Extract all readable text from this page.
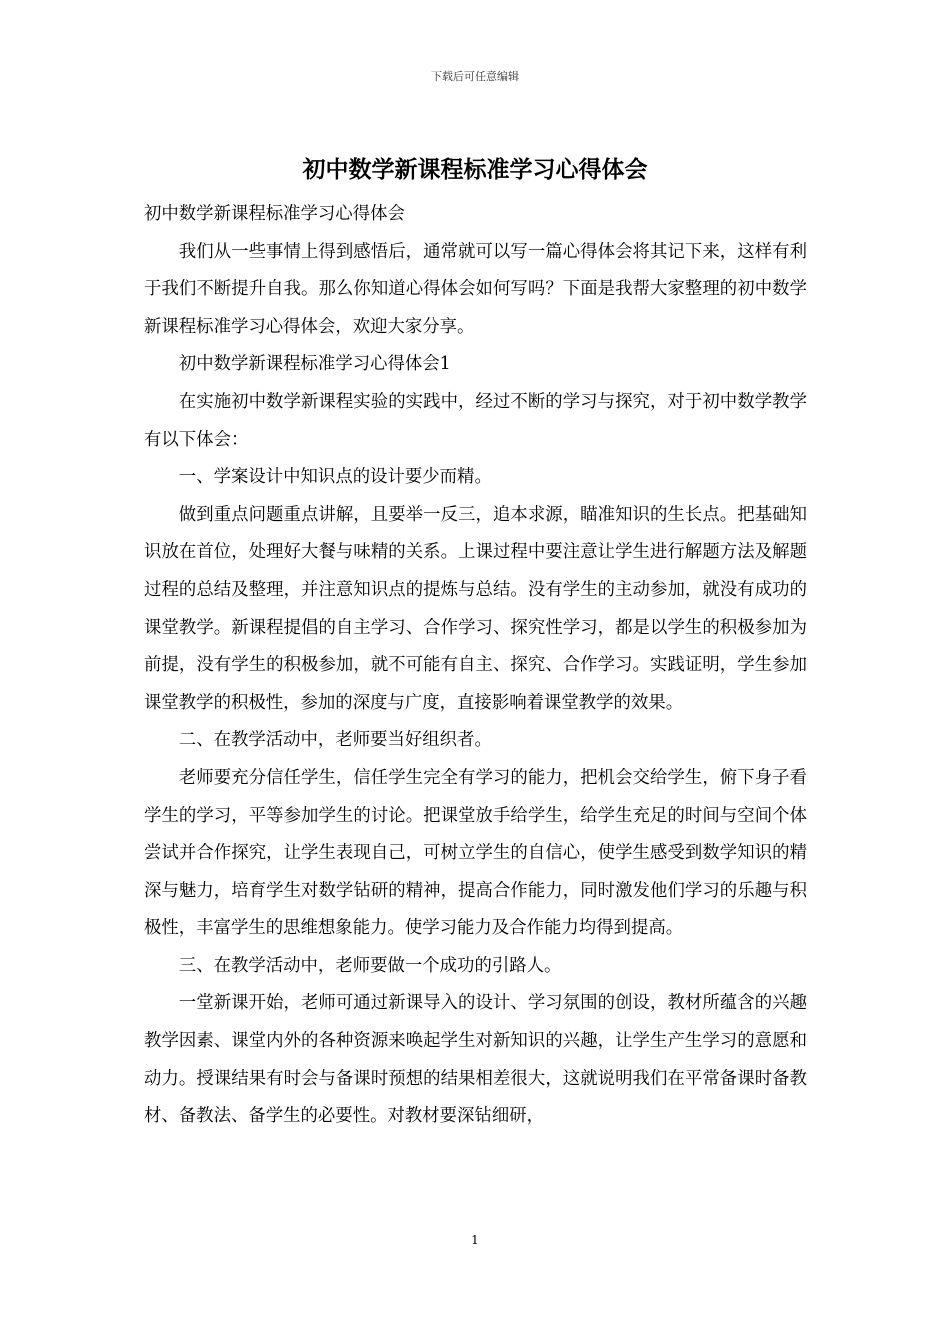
下载后可任意编辑
初中数学新课程标准学习心得体会

初中数学新课程标准学习心得体会

我们从一些事情上得到感悟后，通常就可以写一篇心得体会将其记下来，这样有利于我们不断提升自我。那么你知道心得体会如何写吗？下面是我帮大家整理的初中数学新课程标准学习心得体会，欢迎大家分享。

初中数学新课程标准学习心得体会1

在实施初中数学新课程实验的实践中，经过不断的学习与探究，对于初中数学教学有以下体会：

一、学案设计中知识点的设计要少而精。

做到重点问题重点讲解，且要举一反三，追本求源，瞄准知识的生长点。把基础知识放在首位，处理好大餐与味精的关系。上课过程中要注意让学生进行解题方法及解题过程的总结及整理，并注意知识点的提炼与总结。没有学生的主动参加，就没有成功的课堂教学。新课程提倡的自主学习、合作学习、探究性学习，都是以学生的积极参加为前提，没有学生的积极参加，就不可能有自主、探究、合作学习。实践证明，学生参加课堂教学的积极性，参加的深度与广度，直接影响着课堂教学的效果。

二、在教学活动中，老师要当好组织者。

老师要充分信任学生，信任学生完全有学习的能力，把机会交给学生，俯下身子看学生的学习，平等参加学生的讨论。把课堂放手给学生，给学生充足的时间与空间个体尝试并合作探究，让学生表现自己，可树立学生的自信心，使学生感受到数学知识的精深与魅力，培育学生对数学钻研的精神，提高合作能力，同时激发他们学习的乐趣与积极性，丰富学生的思维想象能力。使学习能力及合作能力均得到提高。

三、在教学活动中，老师要做一个成功的引路人。

一堂新课开始，老师可通过新课导入的设计、学习氛围的创设，教材所蕴含的兴趣教学因素、课堂内外的各种资源来唤起学生对新知识的兴趣，让学生产生学习的意愿和动力。授课结果有时会与备课时预想的结果相差很大，这就说明我们在平常备课时备教材、备教法、备学生的必要性。对教材要深钻细研，

1
